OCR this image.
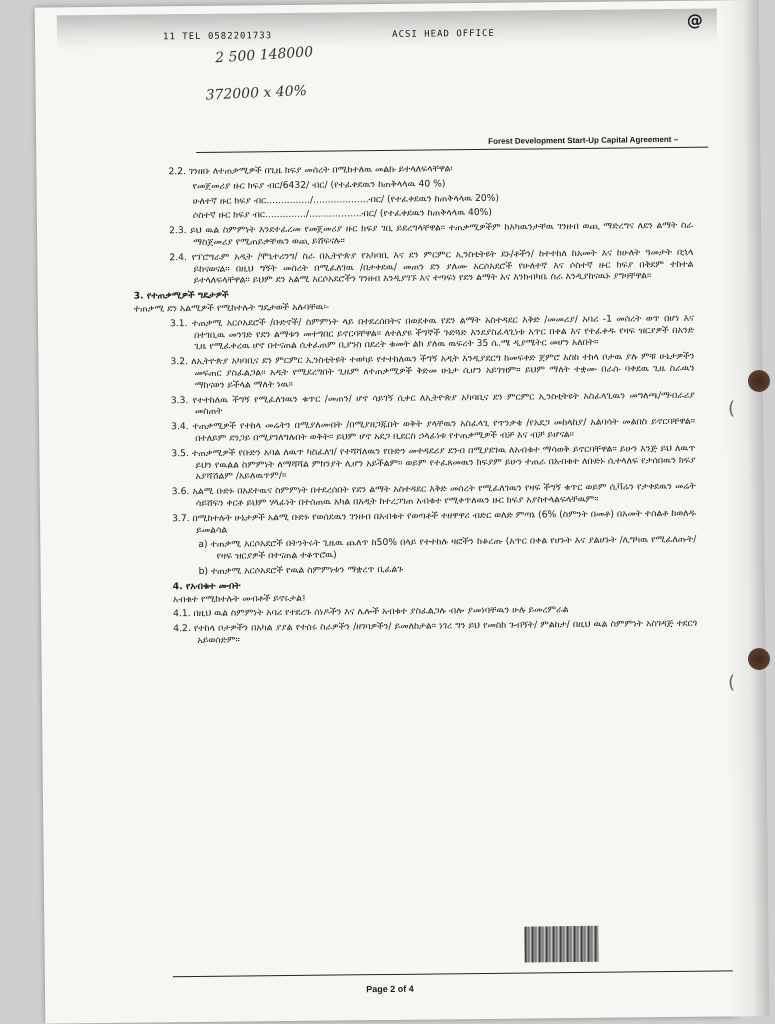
11 TEL 0582201733	ACSI HEAD OFFICE
@
2 500 148000
372000 x 40%
Forest Development Start-Up Capital Agreement –
2.2. ገንዘቡ ለተጠቃሚዎች በጊዜ ክፍያ መሰረት በሚከተለዉ መልኩ ይተላለፍላቸዋል፡
የመጀመሪያ ዙር ክፍያ ብር/6432/ ብር/ (የተፈቀደዉን ከጠቅላላዉ 40 %)
ሁለተኛ ዙር ክፍያ ብር.............../...................ብር/ (የተፈቀደዉን ከጠቅላላዉ 20%)
ሶስተኛ ዙር ክፍያ ብር............../..................ብር/ (የተፈቀደዉን ከጠቅላላዉ 40%)
2.3. ይህ ዉል ስምምነት እንደተፈረመ የመጀመሪያ ዙር ክፍያ ገቢ ይደረግላቸዋል፡፡ ተጠቃሚዎችም ከአካዉንታቸዉ ገንዘብ ወጪ ማድረግና ለደን ልማት ስራ ማስጀመሪያ የሚጠይቃቸዉን ወጪ ይሸፍናሉ፡፡
2.4. የፕሮግራም አዲት /ሞኒተሪንግ/ ስራ በኢትዮጵያ የአካባቢ እና ደን ምርምር ኢንስቲትዩት ደኑ/ቶችን/ ከተተከለ ከአመት እና ከሁለት ዓመታት በኋላ ይከናወናል፡፡ በዚህ ግኝት መሰረት በሚፈለገዉ /በታቀደዉ/ መጠን ደን ያለሙ አርሶአደሮች የሁለተኛ እና ሶስተኛ ዙር ክፍያ በቅደም ተከተል ይተላለፍላቸዋል፡፡ ይህም ደን አልሚ አርሶአደሮችን ገንዘብ እንዲያገኙ እና ተጣፍነ የደን ልማት እና እንክብካቤ ስራ እንዲያከናዉኑ ያግዛቸዋል፡፡
3. የተጠቃሚዎች ግዴታዎች
ተጠቃሚ ደን አልሚዎች የሚከተሉት ግዴታወች አሉባቸዉ፡-
3.1. ተጠቃሚ አርሶአደሮች /ቡድኖች/ ስምምነት ላይ በተደረሰበትና በወደቀዉ የደን ልማት አስተዳደር እቅድ /መመሪያ/ አባሪ -1 መሰረት ወጥ በሆነ እና በተገቢዉ መንገድ የደን ልማቱን መተግበር ይኖርባቸዋል፡፡ ለተለያዩ ችግኞች ጉድጓድ እንደያስፈላጊነቱ አጥር በቀል እና የተፈቀዱ የዛፍ ዝርያዎች በአንድ ጊዜ የሚፈቀረዉ ሆኖ በተናጠል ሲቀፈጠም ቢያንስ በደረት ቁመት ልክ ያለዉ ዉፍረት 35 ሴ.ሜ ዲያሜትር መሆን አለበት፡፡
3.2. ለኢትዮጵያ አካባቢና ደን ምርምር ኢንስቲትዩት ተወካይ የተተከለዉን ችግኝ አዲት እንዲያደርግ ከመፍቀድ ጀምሮ እስከ ተክላ ቦታዉ ያሉ ምቹ ሁኔታዎችን መፍጠር ያስፈልጋል፡፡ አዲት የሚደረግበት ጊዜም ለተጠቃሚዎች ቅድመ ሁኔታ ሲሆን አይገዝም፡፡ ይህም ማለት ተቋሙ በራሱ ባቀደዉ ጊዜ ስራዉን ማከናወን ይችላል ማለት ነዉ፡፡
3.3. የተተከለዉ ችግኝ የሚፈለገዉን ቁጥር /መጠን/ ሆኖ ሳይገኝ ሲቀር ለኢትዮጵያ አካባቢና ደን ምርምር ኢንስቲትዩት አስፈላጊዉን መግለጫ/ማብራሪያ መስጠት
3.4. ተጠቃሚዎች የተከላ መሬትን በሚያለሙበት /በሚያዘጋጁበት ወቅት ያላቸዉን አስፈላጊ የጥንቃቄ /የአደጋ መከላከያ/ አልባሳት መልበስ ይኖርባቸዋል፡፡ በተለይም ደንጋይ በሚያገለግሉበት ወቅት፡፡ ይህም ሆኖ አደጋ ቢደርስ ኃላፊነቱ የተጠቃሚዎች ብቻ እና ብቻ ይሆናል፡፡
3.5. ተጠቃሚዎች የቡድን አባል ለዉጥ ካስፈለገ/ የተሻሻለዉን የቡድን መተዳደሪያ ደንብ በሚያደገዉ ለአብቁተ ማሳወቅ ይኖርባቸዋል፡፡ ይሁን እንጅ ይህ ለዉጥ ይህን የዉልል ስምምነት ለማሻሻል ምክንያት ሊሆን አይችልም፡፡ ወይም የተፈጸመዉን ክፍያም ይሁን ተጠራ በአብቁተ ለቡድኑ ሲተላለፍ የታሰበዉን ክፍያ አያሻሽልም /አይለዉጥም/፡፡
3.6. አልሚ ቡድኑ በአደተዉና ስምምነት በተደረሰበት የደን ልማት አስተዳደር እቅድ መሰረት የሚፈለገዉን የዛፍ ችግኝ ቁጥር ወይም ሲቫሬን የታቀደዉን መሬት ሳይሸፍን ቀርቶ ይህም ሃላፊነት በተሰጠዉ አካል በአዲት ከተረጋገጠ አብቁተ የሚቀጥለዉን ዙር ክፍያ አያስተላልፍላቸዉም፡፡
3.7. በሚከተሉት ሁኔታዎች አልሚ ቡድኑ የወሰደዉን ገንዘብ በአብቁተ የወጣቶች ተዘዋዋሪ ብድር ወለድ ምጣኔ (6% (ስምንት በመቶ) በአመት ተሰልቶ ከወለዱ ይመልሳል
a) ተጠቃሚ አርሶአደሮች በትንትሩት ጊዜዉ ጨለጥ ከ50% በላይ የተተከሉ ዛፎችን ከቆረጡ (አጥር በቀል የሆኑት እና ያልሆኑት /ሊግካዉ የሚፈለጡት/ የዛፍ ዝርያዎች በተናጠል ተቆጥሮዉ)
b) ተጠቃሚ አርሶአደሮች የዉል ስምምነቱን ማቋረጥ ቢፈልጉ
4. የአብቁተ መብት
አብቁተ የሚከተሉት መብቶች ይኖሩታል፤
4.1. በዚህ ዉል ስምምነት አባሪ የተደረጉ ሰነዶችን እና ሌሎች አብቁተ ያስፈልጋሉ ብሎ ያመነባቸዉን ሁሉ ይመረምራል
4.2. የተከላ ቦታዎችን በአካል ያያል የተሰሩ ስራዎችን /ዘገባዎችን/ ይመለከታል፡፡ ነገረ ግን ይህ የመስክ ጉብኝት/ ምልከታ/ በዚህ ዉል ስምምነት አስገዳጅ ተደርጎ አይወሰድም፡፡
Page 2 of 4
(
(
